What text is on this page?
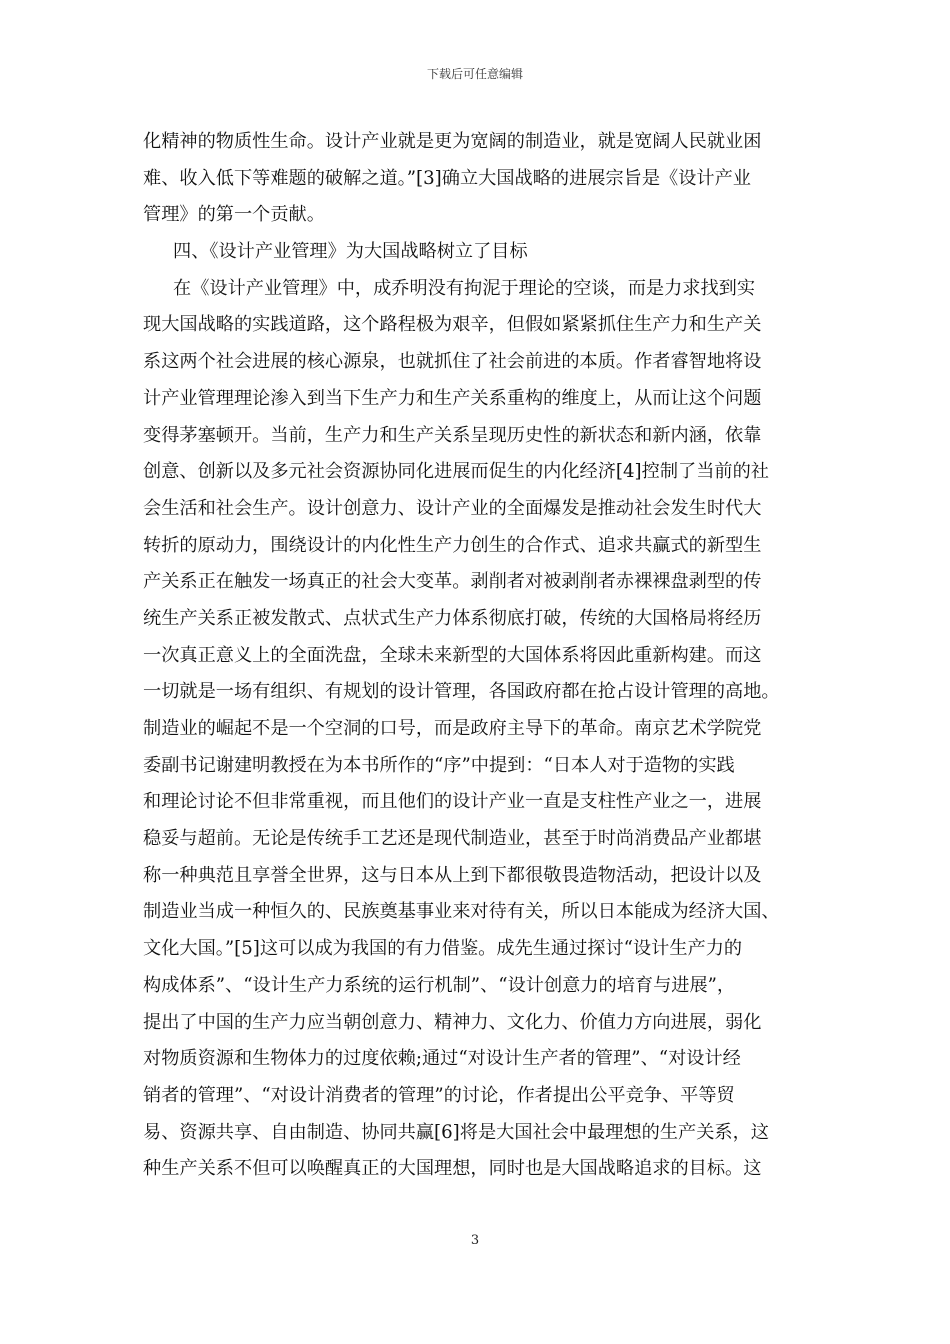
下载后可任意编辑
化精神的物质性生命。设计产业就是更为宽阔的制造业，就是宽阔人民就业困
难、收入低下等难题的破解之道。”[3]确立大国战略的进展宗旨是《设计产业
管理》的第一个贡献。
四、《设计产业管理》为大国战略树立了目标
在《设计产业管理》中，成乔明没有拘泥于理论的空谈，而是力求找到实
现大国战略的实践道路，这个路程极为艰辛，但假如紧紧抓住生产力和生产关
系这两个社会进展的核心源泉，也就抓住了社会前进的本质。作者睿智地将设
计产业管理理论渗入到当下生产力和生产关系重构的维度上，从而让这个问题
变得茅塞顿开。当前，生产力和生产关系呈现历史性的新状态和新内涵，依靠
创意、创新以及多元社会资源协同化进展而促生的内化经济[4]控制了当前的社
会生活和社会生产。设计创意力、设计产业的全面爆发是推动社会发生时代大
转折的原动力，围绕设计的内化性生产力创生的合作式、追求共赢式的新型生
产关系正在触发一场真正的社会大变革。剥削者对被剥削者赤裸裸盘剥型的传
统生产关系正被发散式、点状式生产力体系彻底打破，传统的大国格局将经历
一次真正意义上的全面洗盘，全球未来新型的大国体系将因此重新构建。而这
一切就是一场有组织、有规划的设计管理，各国政府都在抢占设计管理的高地。
制造业的崛起不是一个空洞的口号，而是政府主导下的革命。南京艺术学院党
委副书记谢建明教授在为本书所作的“序”中提到：“日本人对于造物的实践
和理论讨论不但非常重视，而且他们的设计产业一直是支柱性产业之一，进展
稳妥与超前。无论是传统手工艺还是现代制造业，甚至于时尚消费品产业都堪
称一种典范且享誉全世界，这与日本从上到下都很敬畏造物活动，把设计以及
制造业当成一种恒久的、民族奠基事业来对待有关，所以日本能成为经济大国、
文化大国。”[5]这可以成为我国的有力借鉴。成先生通过探讨“设计生产力的
构成体系”、“设计生产力系统的运行机制”、“设计创意力的培育与进展”，
提出了中国的生产力应当朝创意力、精神力、文化力、价值力方向进展，弱化
对物质资源和生物体力的过度依赖;通过“对设计生产者的管理”、“对设计经
销者的管理”、“对设计消费者的管理”的讨论，作者提出公平竞争、平等贸
易、资源共享、自由制造、协同共赢[6]将是大国社会中最理想的生产关系，这
种生产关系不但可以唤醒真正的大国理想，同时也是大国战略追求的目标。这
3
